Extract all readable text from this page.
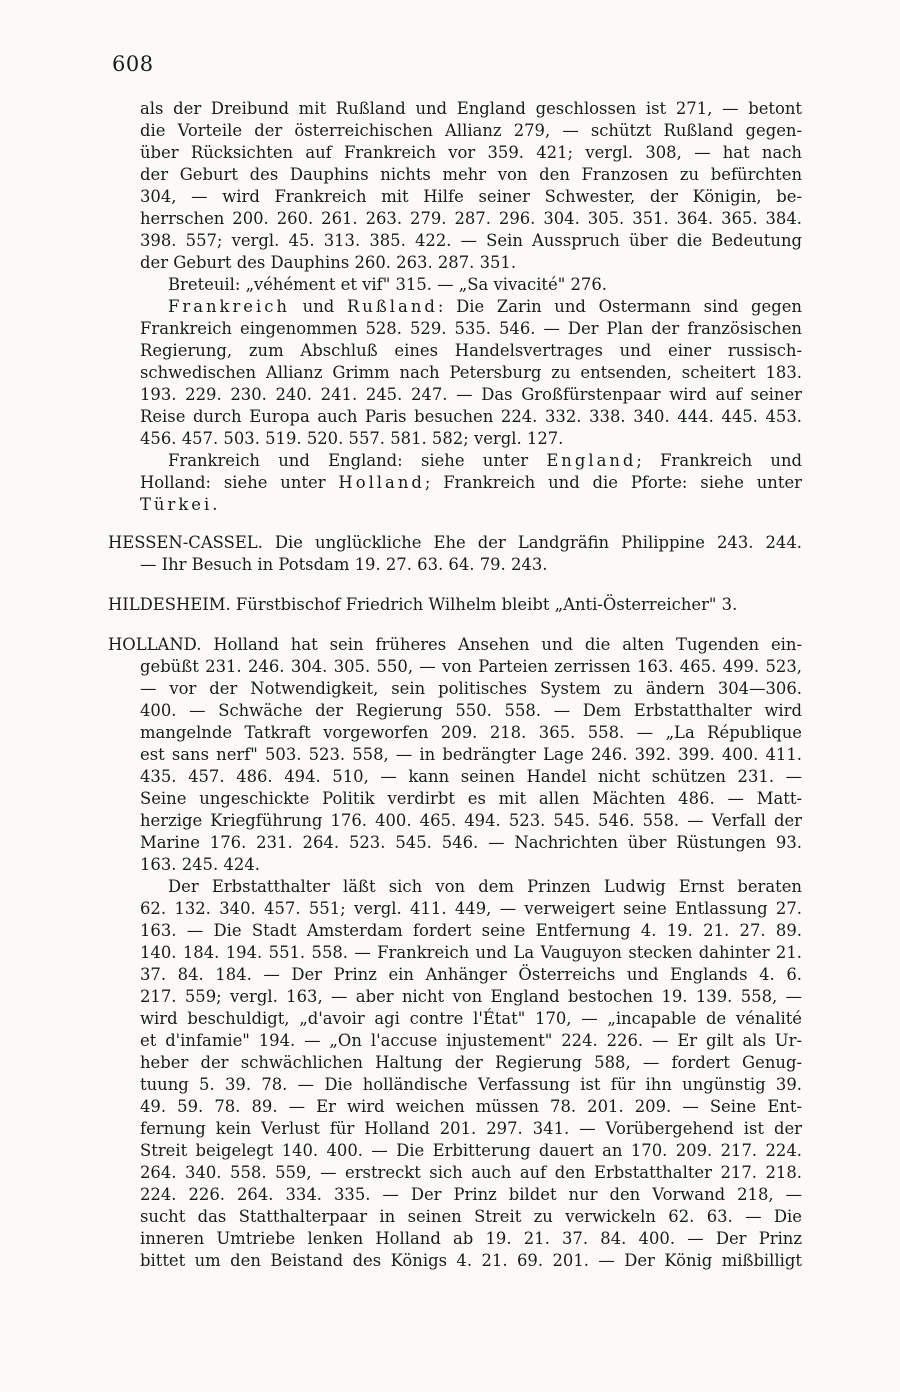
608
als der Dreibund mit Rußland und England geschlossen ist 271, — betont
die Vorteile der österreichischen Allianz 279, — schützt Rußland gegen-
über Rücksichten auf Frankreich vor 359. 421; vergl. 308, — hat nach
der Geburt des Dauphins nichts mehr von den Franzosen zu befürchten
304, — wird Frankreich mit Hilfe seiner Schwester, der Königin, be-
herrschen 200. 260. 261. 263. 279. 287. 296. 304. 305. 351. 364. 365. 384.
398. 557; vergl. 45. 313. 385. 422. — Sein Ausspruch über die Bedeutung
der Geburt des Dauphins 260. 263. 287. 351.
Breteuil: „véhément et vif" 315. — „Sa vivacité" 276.
Frankreich und Rußland: Die Zarin und Ostermann sind gegen
Frankreich eingenommen 528. 529. 535. 546. — Der Plan der französischen
Regierung, zum Abschluß eines Handelsvertrages und einer russisch-
schwedischen Allianz Grimm nach Petersburg zu entsenden, scheitert 183.
193. 229. 230. 240. 241. 245. 247. — Das Großfürstenpaar wird auf seiner
Reise durch Europa auch Paris besuchen 224. 332. 338. 340. 444. 445. 453.
456. 457. 503. 519. 520. 557. 581. 582; vergl. 127.
Frankreich und England: siehe unter England; Frankreich und
Holland: siehe unter Holland; Frankreich und die Pforte: siehe unter
Türkei.
HESSEN-CASSEL. Die unglückliche Ehe der Landgräfin Philippine 243. 244.
— Ihr Besuch in Potsdam 19. 27. 63. 64. 79. 243.
HILDESHEIM. Fürstbischof Friedrich Wilhelm bleibt „Anti-Österreicher" 3.
HOLLAND. Holland hat sein früheres Ansehen und die alten Tugenden ein-
gebüßt 231. 246. 304. 305. 550, — von Parteien zerrissen 163. 465. 499. 523,
— vor der Notwendigkeit, sein politisches System zu ändern 304—306.
400. — Schwäche der Regierung 550. 558. — Dem Erbstatthalter wird
mangelnde Tatkraft vorgeworfen 209. 218. 365. 558. — „La République
est sans nerf" 503. 523. 558, — in bedrängter Lage 246. 392. 399. 400. 411.
435. 457. 486. 494. 510, — kann seinen Handel nicht schützen 231. —
Seine ungeschickte Politik verdirbt es mit allen Mächten 486. — Matt-
herzige Kriegführung 176. 400. 465. 494. 523. 545. 546. 558. — Verfall der
Marine 176. 231. 264. 523. 545. 546. — Nachrichten über Rüstungen 93.
163. 245. 424.
Der Erbstatthalter läßt sich von dem Prinzen Ludwig Ernst beraten
62. 132. 340. 457. 551; vergl. 411. 449, — verweigert seine Entlassung 27.
163. — Die Stadt Amsterdam fordert seine Entfernung 4. 19. 21. 27. 89.
140. 184. 194. 551. 558. — Frankreich und La Vauguyon stecken dahinter 21.
37. 84. 184. — Der Prinz ein Anhänger Österreichs und Englands 4. 6.
217. 559; vergl. 163, — aber nicht von England bestochen 19. 139. 558, —
wird beschuldigt, „d'avoir agi contre l'État" 170, — „incapable de vénalité
et d'infamie" 194. — „On l'accuse injustement" 224. 226. — Er gilt als Ur-
heber der schwächlichen Haltung der Regierung 588, — fordert Genug-
tuung 5. 39. 78. — Die holländische Verfassung ist für ihn ungünstig 39.
49. 59. 78. 89. — Er wird weichen müssen 78. 201. 209. — Seine Ent-
fernung kein Verlust für Holland 201. 297. 341. — Vorübergehend ist der
Streit beigelegt 140. 400. — Die Erbitterung dauert an 170. 209. 217. 224.
264. 340. 558. 559, — erstreckt sich auch auf den Erbstatthalter 217. 218.
224. 226. 264. 334. 335. — Der Prinz bildet nur den Vorwand 218, —
sucht das Statthalterpaar in seinen Streit zu verwickeln 62. 63. — Die
inneren Umtriebe lenken Holland ab 19. 21. 37. 84. 400. — Der Prinz
bittet um den Beistand des Königs 4. 21. 69. 201. — Der König mißbilligt
